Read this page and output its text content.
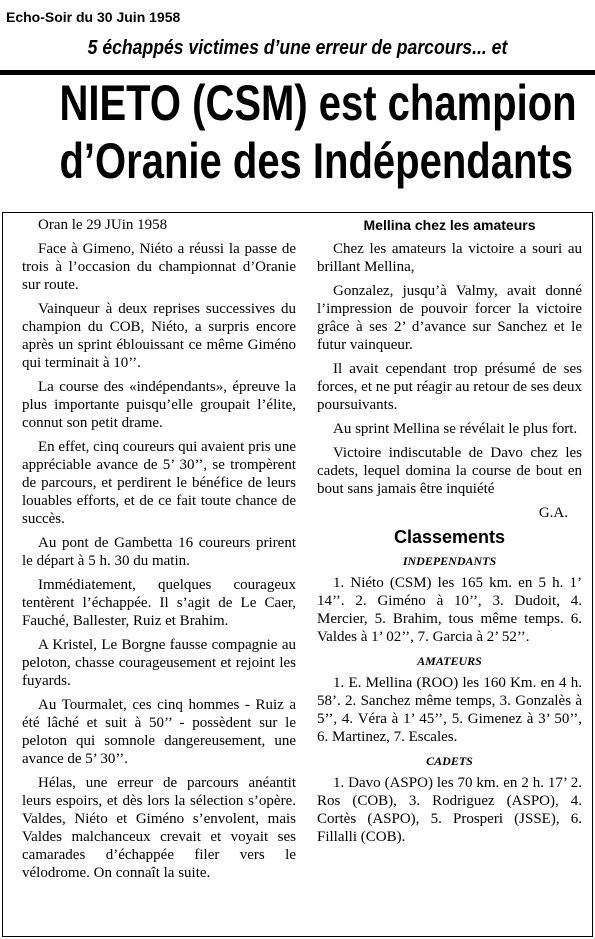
Echo-Soir du 30 Juin 1958
5 échappés victimes d’une erreur de parcours... et
NIETO (CSM) est champion
d’Oranie des Indépendants

Oran le 29 JUin 1958

Face à Gimeno, Niéto a réussi la passe de trois à l’occasion du championnat d’Oranie sur route.

Vainqueur à deux reprises successives du champion du COB, Niéto, a surpris encore après un sprint éblouissant ce même Giméno qui terminait à 10’’.

La course des «indépendants», épreuve la plus importante puisqu’elle groupait l’élite, connut son petit drame.

En effet, cinq coureurs qui avaient pris une appréciable avance de 5’ 30’’, se trompèrent de parcours, et perdirent le bénéfice de leurs louables efforts, et de ce fait toute chance de succès.

Au pont de Gambetta 16 coureurs prirent le départ à 5 h. 30 du matin.

Immédiatement, quelques courageux tentèrent l’échappée. Il s’agit de Le Caer, Fauché, Ballester, Ruiz et Brahim.

A Kristel, Le Borgne fausse compagnie au peloton, chasse courageusement et rejoint les fuyards.

Au Tourmalet, ces cinq hommes - Ruiz a été lâché et suit à 50’’ - possèdent sur le peloton qui somnole dangereusement, une avance de 5’ 30’’.

Hélas, une erreur de parcours anéantit leurs espoirs, et dès lors la sélection s’opère. Valdes, Niéto et Giméno s’envolent, mais Valdes malchanceux crevait et voyait ses camarades d’échappée filer vers le vélodrome. On connaît la suite.

Mellina chez les amateurs

Chez les amateurs la victoire a souri au brillant Mellina,

Gonzalez, jusqu’à Valmy, avait donné l’impression de pouvoir forcer la victoire grâce à ses 2’ d’avance sur Sanchez et le futur vainqueur.

Il avait cependant trop présumé de ses forces, et ne put réagir au retour de ses deux poursuivants.

Au sprint Mellina se révélait le plus fort.

Victoire indiscutable de Davo chez les cadets, lequel domina la course de bout en bout sans jamais être inquiété

G.A.

Classements
INDEPENDANTS

1. Niéto (CSM) les 165 km. en 5 h. 1’ 14’’. 2. Giméno à 10’’, 3. Dudoit, 4. Mercier, 5. Brahim, tous même temps. 6. Valdes à 1’ 02’’, 7. Garcia à 2’ 52’’.

AMATEURS

1. E. Mellina (ROO) les 160 Km. en 4 h. 58’. 2. Sanchez même temps, 3. Gonzalès à 5’’, 4. Véra à 1’ 45’’, 5. Gimenez à 3’ 50’’, 6. Martinez, 7. Escales.

CADETS

1. Davo (ASPO) les 70 km. en 2 h. 17’ 2. Ros (COB), 3. Rodriguez (ASPO), 4. Cortès (ASPO), 5. Prosperi (JSSE), 6. Fillalli (COB).
